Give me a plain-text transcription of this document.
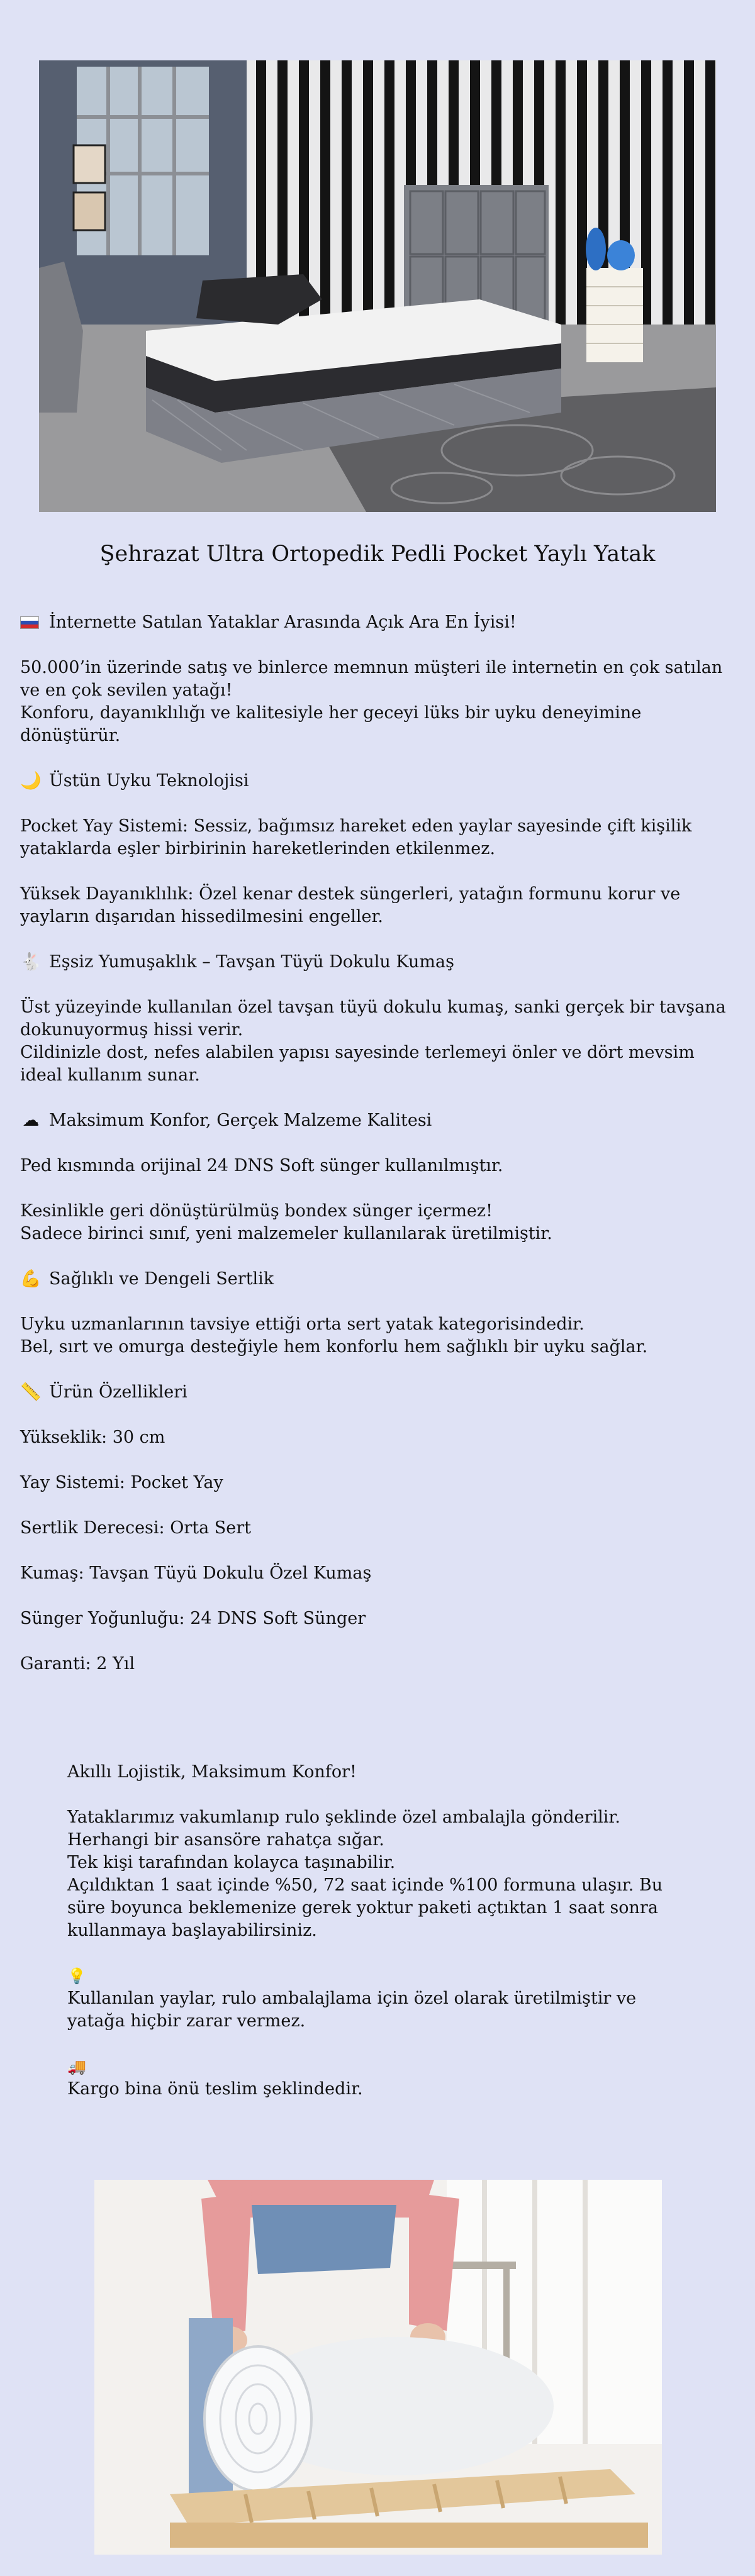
Şehrazat Ultra Ortopedik Pedli Pocket Yaylı Yatak

İnternette Satılan Yataklar Arasında Açık Ara En İyisi!

50.000’in üzerinde satış ve binlerce memnun müşteri ile internetin en çok satılan ve en çok sevilen yatağı!

Konforu, dayanıklılığı ve kalitesiyle her geceyi lüks bir uyku deneyimine dönüştürür.

🌙 Üstün Uyku Teknolojisi

Pocket Yay Sistemi: Sessiz, bağımsız hareket eden yaylar sayesinde çift kişilik yataklarda eşler birbirinin hareketlerinden etkilenmez.

Yüksek Dayanıklılık: Özel kenar destek süngerleri, yatağın formunu korur ve yayların dışarıdan hissedilmesini engeller.

🐇 Eşsiz Yumuşaklık – Tavşan Tüyü Dokulu Kumaş

Üst yüzeyinde kullanılan özel tavşan tüyü dokulu kumaş, sanki gerçek bir tavşana dokunuyormuş hissi verir.

Cildinizle dost, nefes alabilen yapısı sayesinde terlemeyi önler ve dört mevsim ideal kullanım sunar.

☁ Maksimum Konfor, Gerçek Malzeme Kalitesi

Ped kısmında orijinal 24 DNS Soft sünger kullanılmıştır.

Kesinlikle geri dönüştürülmüş bondex sünger içermez!

Sadece birinci sınıf, yeni malzemeler kullanılarak üretilmiştir.

💪 Sağlıklı ve Dengeli Sertlik

Uyku uzmanlarının tavsiye ettiği orta sert yatak kategorisindedir.

Bel, sırt ve omurga desteğiyle hem konforlu hem sağlıklı bir uyku sağlar.

📏 Ürün Özellikleri

Yükseklik: 30 cm

Yay Sistemi: Pocket Yay

Sertlik Derecesi: Orta Sert

Kumaş: Tavşan Tüyü Dokulu Özel Kumaş

Sünger Yoğunluğu: 24 DNS Soft Sünger

Garanti: 2 Yıl

Akıllı Lojistik, Maksimum Konfor!

Yataklarımız vakumlanıp rulo şeklinde özel ambalajla gönderilir.

Herhangi bir asansöre rahatça sığar.

Tek kişi tarafından kolayca taşınabilir.

Açıldıktan 1 saat içinde %50, 72 saat içinde %100 formuna ulaşır. Bu süre boyunca beklemenize gerek yoktur paketi açtıktan 1 saat sonra kullanmaya başlayabilirsiniz.

💡

Kullanılan yaylar, rulo ambalajlama için özel olarak üretilmiştir ve yatağa hiçbir zarar vermez.

🚚

Kargo bina önü teslim şeklindedir.
